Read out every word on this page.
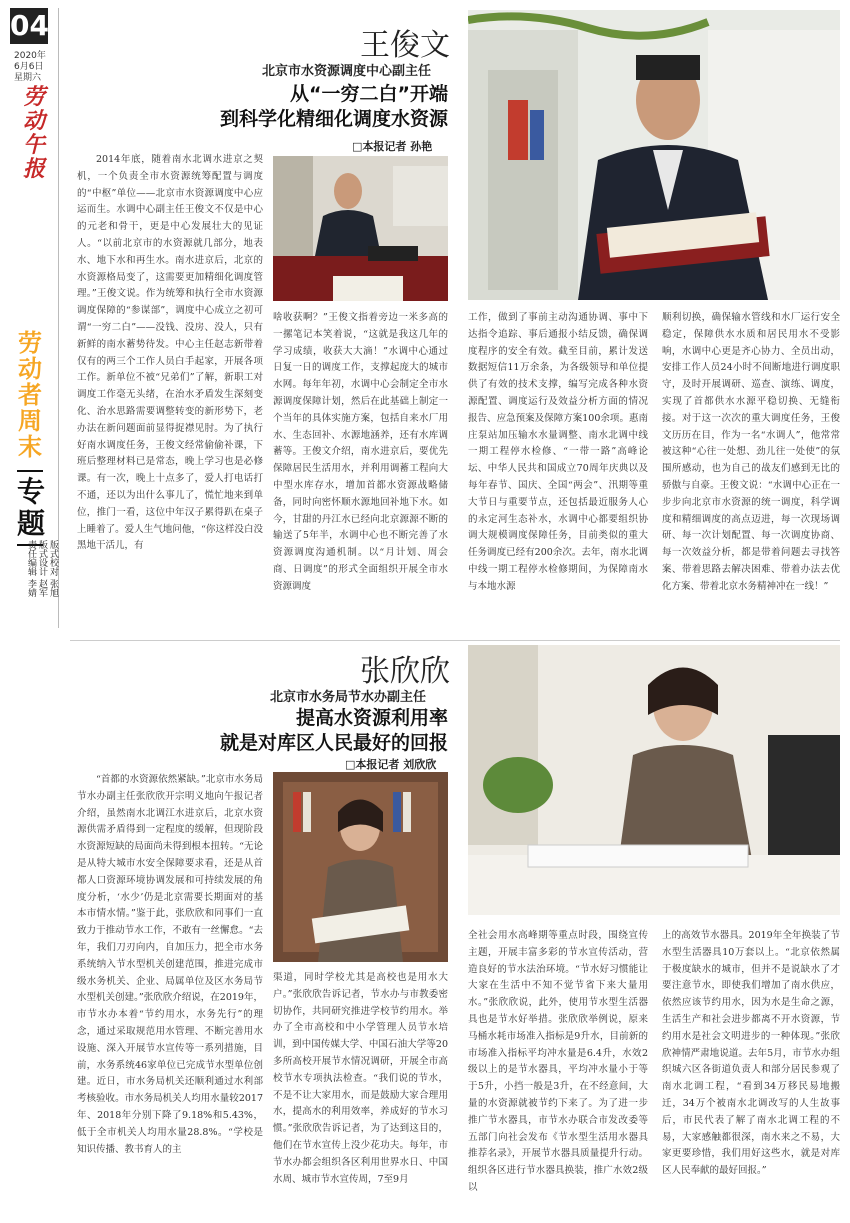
04
2020年
6月6日
星期六
劳动午报
劳动者周末
专题
版式校对 张旭
版式设计 赵军
责任编辑 李婧
王俊文
北京市水资源调度中心副主任
从“一穷二白”开端
到科学化精细化调度水资源
□本报记者 孙艳

2014年底，随着南水北调水进京之契机，一个负责全市水资源统筹配置与调度的“中枢”单位——北京市水资源调度中心应运而生。水调中心副主任王俊文不仅是中心的元老和骨干，更是中心发展壮大的见证人。“以前北京市的水资源就几部分，地表水、地下水和再生水。南水进京后，北京的水资源格局变了，这需要更加精细化调度管理。”王俊文说。作为统筹和执行全市水资源调度保障的“参谋部”，调度中心成立之初可谓“一穷二白”——没钱、没房、没人，只有新鲜的南水蓄势待发。中心主任赵志新带着仅有的两三个工作人员白手起家，开展各项工作。新单位不被“兄弟们”了解，新职工对调度工作毫无头绪，在治水矛盾发生深刻变化、治水思路需要调整转变的新形势下，老办法在新问题面前显得捉襟见肘。为了执行好南水调度任务，王俊文经常偷偷补课，下班后整理材料已是常态，晚上学习也是必修课。有一次，晚上十点多了，爱人打电话打不通，还以为出什么事儿了，慌忙地来到单位，推门一看，这位中年汉子累得趴在桌子上睡着了。爱人生气地问他，“你这样没白没黑地干活儿，有

啥收获啊？”王俊文指着旁边一米多高的一摞笔记本笑着说，“这就是我这几年的学习成绩，收获大大滴！”水调中心通过日复一日的调度工作，支撑起庞大的城市水网。每年年初，水调中心会制定全市水源调度保障计划，然后在此基础上制定一个当年的具体实施方案，包括自来水厂用水、生态回补、水源地涵养，还有水库调蓄等。王俊文介绍，南水进京后，要优先保障居民生活用水，并利用调蓄工程向大中型水库存水，增加首都水资源战略储备，同时向密怀顺水源地回补地下水。如今，甘甜的丹江水已经向北京源源不断的输送了5年半，水调中心也不断完善了水资源调度沟通机制。以“月计划、周会商、日调度”的形式全面组织开展全市水资源调度

工作，做到了事前主动沟通协调、事中下达指令追踪、事后通报小结反馈，确保调度程序的安全有效。截至目前，累计发送数据短信11万余条，为各级领导和单位提供了有效的技术支撑，编写完成各种水资源配置、调度运行及效益分析方面的情况报告、应急预案及保障方案100余项。惠南庄泵站加压输水水量调整、南水北调中线一期工程停水检修、“一带一路”高峰论坛、中华人民共和国成立70周年庆典以及每年春节、国庆、全国“两会”、汛期等重大节日与重要节点，还包括最近服务人心的永定河生态补水，水调中心都要组织协调大规模调度保障任务，目前类似的重大任务调度已经有200余次。去年，南水北调中线一期工程停水检修期间，为保障南水与本地水源

顺利切换，确保输水管线和水厂运行安全稳定，保障供水水质和居民用水不受影响，水调中心更是齐心协力、全员出动，安排工作人员24小时不间断地进行调度职守，及时开展调研、巡查、演练、调度，实现了首都供水水源平稳切换、无缝衔接。对于这一次次的重大调度任务，王俊文历历在目，作为一名“水调人”，他常常被这种“心往一处想、劲儿往一处使”的氛围所感动，也为自己的战友们感到无比的骄傲与自豪。王俊文说：“水调中心正在一步步向北京市水资源的统一调度，科学调度和精细调度的高点迈进，每一次现场调研、每一次计划配置、每一次调度协商、每一次效益分析，都是带着问题去寻找答案、带着思路去解决困难、带着办法去优化方案、带着北京水务精神冲在一线！”

张欣欣
北京市水务局节水办副主任
提高水资源利用率
就是对库区人民最好的回报
□本报记者 刘欣欣

“首都的水资源依然紧缺。”北京市水务局节水办副主任张欣欣开宗明义地向午报记者介绍，虽然南水北调江水进京后，北京水资源供需矛盾得到一定程度的缓解，但现阶段水资源短缺的局面尚未得到根本扭转。“无论是从特大城市水安全保障要求看，还是从首都人口资源环境协调发展和可持续发展的角度分析，‘水少’仍是北京需要长期面对的基本市情水情。”鉴于此，张欣欣和同事们一直致力于推动节水工作，不敢有一丝懈怠。“去年，我们刀刃向内，自加压力，把全市水务系统纳入节水型机关创建范围，推进完成市级水务机关、企业、局属单位及区水务局节水型机关创建。”张欣欣介绍说，在2019年，市节水办本着“节约用水，水务先行”的理念，通过采取规范用水管理、不断完善用水设施、深入开展节水宣传等一系列措施，目前，水务系统46家单位已完成节水型单位创建。近日，市水务局机关还顺利通过水利部考核验收。市水务局机关人均用水量较2017年、2018年分别下降了9.18%和5.43%，低于全市机关人均用水量28.8%。“学校是知识传播、教书育人的主

渠道，同时学校尤其是高校也是用水大户。”张欣欣告诉记者，节水办与市教委密切协作，共同研究推进学校节约用水。举办了全市高校和中小学管理人员节水培训，到中国传媒大学、中国石油大学等20多所高校开展节水情况调研，开展全市高校节水专项执法检查。“我们说的节水，不是不让大家用水，而是鼓励大家合理用水，提高水的利用效率，养成好的节水习惯。”张欣欣告诉记者，为了达到这目的，他们在节水宣传上没少花功夫。每年，市节水办都会组织各区利用世界水日、中国水周、城市节水宣传周，7至9月

全社会用水高峰期等重点时段，围绕宣传主题，开展丰富多彩的节水宣传活动，营造良好的节水法治环境。“节水好习惯能让大家在生活中不知不觉节省下来大量用水。”张欣欣说，此外，使用节水型生活器具也是节水好举措。张欣欣举例说，原来马桶水耗市场准入指标是9升水，目前新的市场准入指标平均冲水量是6.4升，水效2级以上的是节水器具，平均冲水量小于等于5升，小挡一般是3升，在不经意间，大量的水资源就被节约下来了。为了进一步推广节水器具，市节水办联合市发改委等五部门向社会发布《节水型生活用水器具推荐名录》，开展节水器具质量提升行动。组织各区进行节水器具换装，推广水效2级以

上的高效节水器具。2019年全年换装了节水型生活器具10万套以上。“北京依然属于极度缺水的城市，但并不是说缺水了才要注意节水，即使我们增加了南水供应，依然应该节约用水，因为水是生命之源，生活生产和社会进步都离不开水资源，节约用水是社会文明进步的一种体现。”张欣欣神情严肃地说道。去年5月，市节水办组织城六区各街道负责人和部分居民参观了南水北调工程，“看到34万移民易地搬迁，34万个被南水北调改写的人生故事后，市民代表了解了南水北调工程的不易，大家感触都很深，南水来之不易，大家更要珍惜，我们用好这些水，就是对库区人民奉献的最好回报。”
